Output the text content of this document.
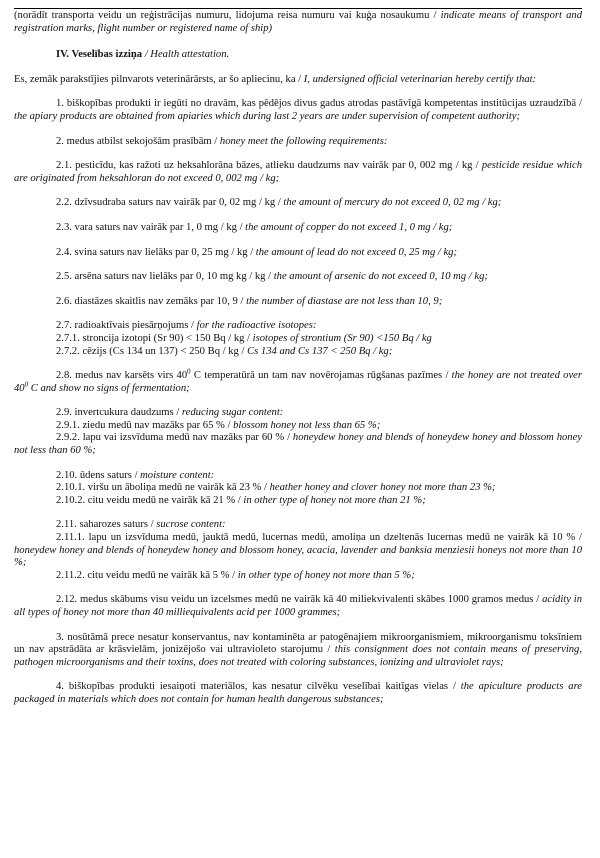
(norādīt transporta veidu un reģistrācijas numuru, lidojuma reisa numuru vai kuģa nosaukumu / indicate means of transport and registration marks, flight number or registered name of ship)

IV. Veselības izziņa / Health attestation.

Es, zemāk parakstījies pilnvarots veterinārārsts, ar šo apliecinu, ka / I, undersigned official veterinarian hereby certify that:

1. biškopības produkti ir iegūti no dravām, kas pēdējos divus gadus atrodas pastāvīgā kompetentas institūcijas uzraudzībā / the apiary products are obtained from apiaries which during last 2 years are under supervision of competent authority;

2. medus atbilst sekojošām prasībām / honey meet the following requirements:

2.1. pesticīdu, kas ražoti uz heksahlorāna bāzes, atlieku daudzums nav vairāk par 0, 002 mg / kg / pesticide residue which are originated from heksahloran do not exceed 0, 002 mg / kg;

2.2. dzīvsudraba saturs nav vairāk par 0, 02 mg / kg / the amount of mercury do not exceed 0, 02 mg / kg;

2.3. vara saturs nav vairāk par 1, 0 mg / kg / the amount of copper do not exceed 1, 0 mg / kg;

2.4. svina saturs nav lielāks par 0, 25 mg / kg / the amount of lead do not exceed 0, 25 mg / kg;

2.5. arsēna saturs nav lielāks par 0, 10 mg kg / kg / the amount of arsenic do not exceed 0, 10 mg / kg;

2.6. diastāzes skaitlis nav zemāks par 10, 9 / the number of diastase are not less than 10, 9;

2.7. radioaktīvais piesārņojums / for the radioactive isotopes:

2.7.1. stroncija izotopi (Sr 90) < 150 Bq / kg / isotopes of strontium (Sr 90) <150 Bq / kg

2.7.2. cēzijs (Cs 134 un 137) < 250 Bq / kg / Cs 134 and Cs 137 < 250 Bq / kg;

2.8. medus nav karsēts virs $40^0$ C temperatūrā un tam nav novērojamas rūgšanas pazīmes / the honey are not treated over $40^0$ C and show no signs of fermentation;

2.9. invertcukura daudzums / reducing sugar content:

2.9.1. ziedu medū nav mazāks par 65 % / blossom honey not less than 65 %;

2.9.2. lapu vai izsvīduma medū nav mazāks par 60 % / honeydew honey and blends of honeydew honey and blossom honey not less than 60 %;

2.10. ūdens saturs / moisture content:

2.10.1. viršu un āboliņa medū ne vairāk kā 23 % / heather honey and clover honey not more than 23 %;

2.10.2. citu veidu medū ne vairāk kā 21 % / in other type of honey not more than 21 %;

2.11. saharozes saturs / sucrose content:

2.11.1. lapu un izsvīduma medū, jauktā medū, lucernas medū, amoliņa un dzeltenās lucernas medū ne vairāk kā 10 % / honeydew honey and blends of honeydew honey and blossom honey, acacia, lavender and banksia menziesii honeys not more than 10 %;

2.11.2. citu veidu medū ne vairāk kā 5 % / in other type of honey not more than 5 %;

2.12. medus skābums visu veidu un izcelsmes medū ne vairāk kā 40 miliekvivalenti skābes 1000 gramos medus / acidity in all types of honey not more than 40 milliequivalents acid per 1000 grammes;

3. nosūtāmā prece nesatur konservantus, nav kontaminēta ar patogēnajiem mikroorganismiem, mikroorganismu toksīniem un nav apstrādāta ar krāsvielām, jonizējošo vai ultravioleto starojumu / this consignment does not contain means of preserving, pathogen microorganisms and their toxins, does not treated with coloring substances, ionizing and ultraviolet rays;

4. biškopības produkti iesaiņoti materiālos, kas nesatur cilvēku veselībai kaitīgas vielas / the apiculture products are packaged in materials which does not contain for human health dangerous substances;
